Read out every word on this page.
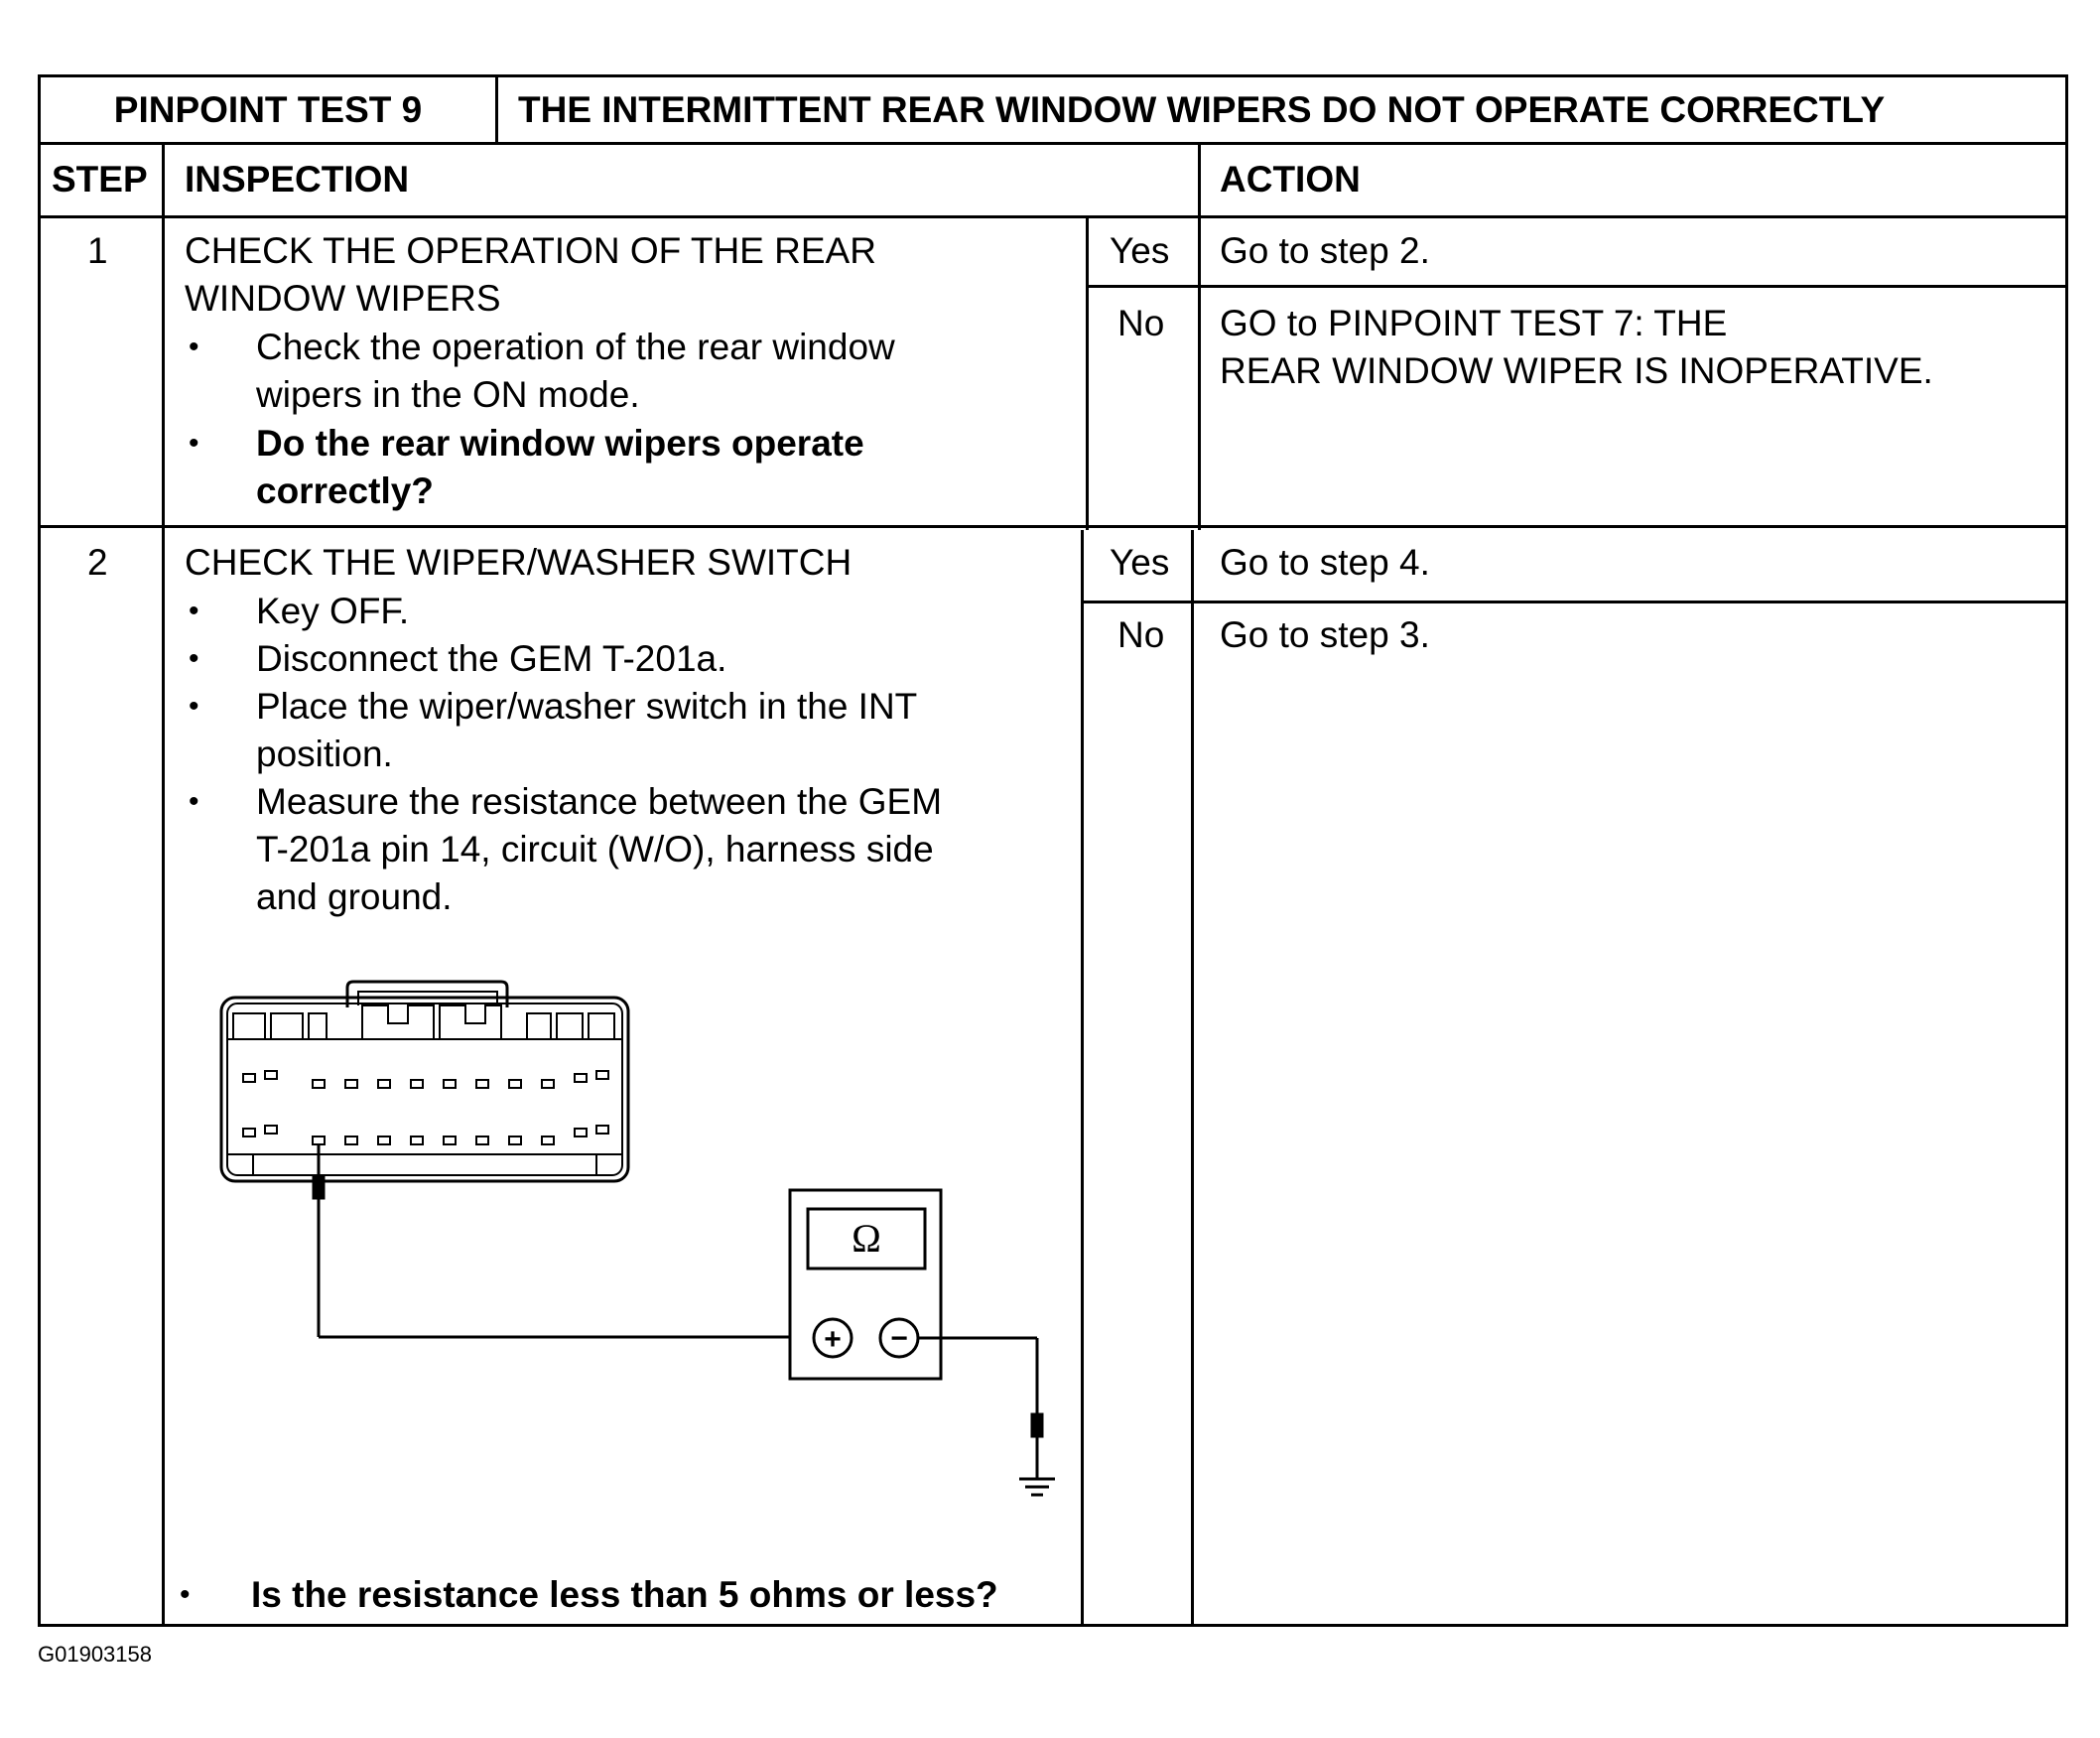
PINPOINT TEST 9	THE INTERMITTENT REAR WINDOW WIPERS DO NOT OPERATE CORRECTLY
STEP INSPECTION	ACTION
1 CHECK THE OPERATION OF THE REAR
WINDOW WIPERS
• Check the operation of the rear window
wipers in the ON mode.
• Do the rear window wipers operate
correctly?
Yes Go to step 2.
No GO to PINPOINT TEST 7: THE
REAR WINDOW WIPER IS INOPERATIVE.
2 CHECK THE WIPER/WASHER SWITCH
• Key OFF.
• Disconnect the GEM T-201a.
• Place the wiper/washer switch in the INT
position.
• Measure the resistance between the GEM
T-201a pin 14, circuit (W/O), harness side
and ground.
• Is the resistance less than 5 ohms or less?
Yes Go to step 4.
No Go to step 3.
Ω
+ −
G01903158
